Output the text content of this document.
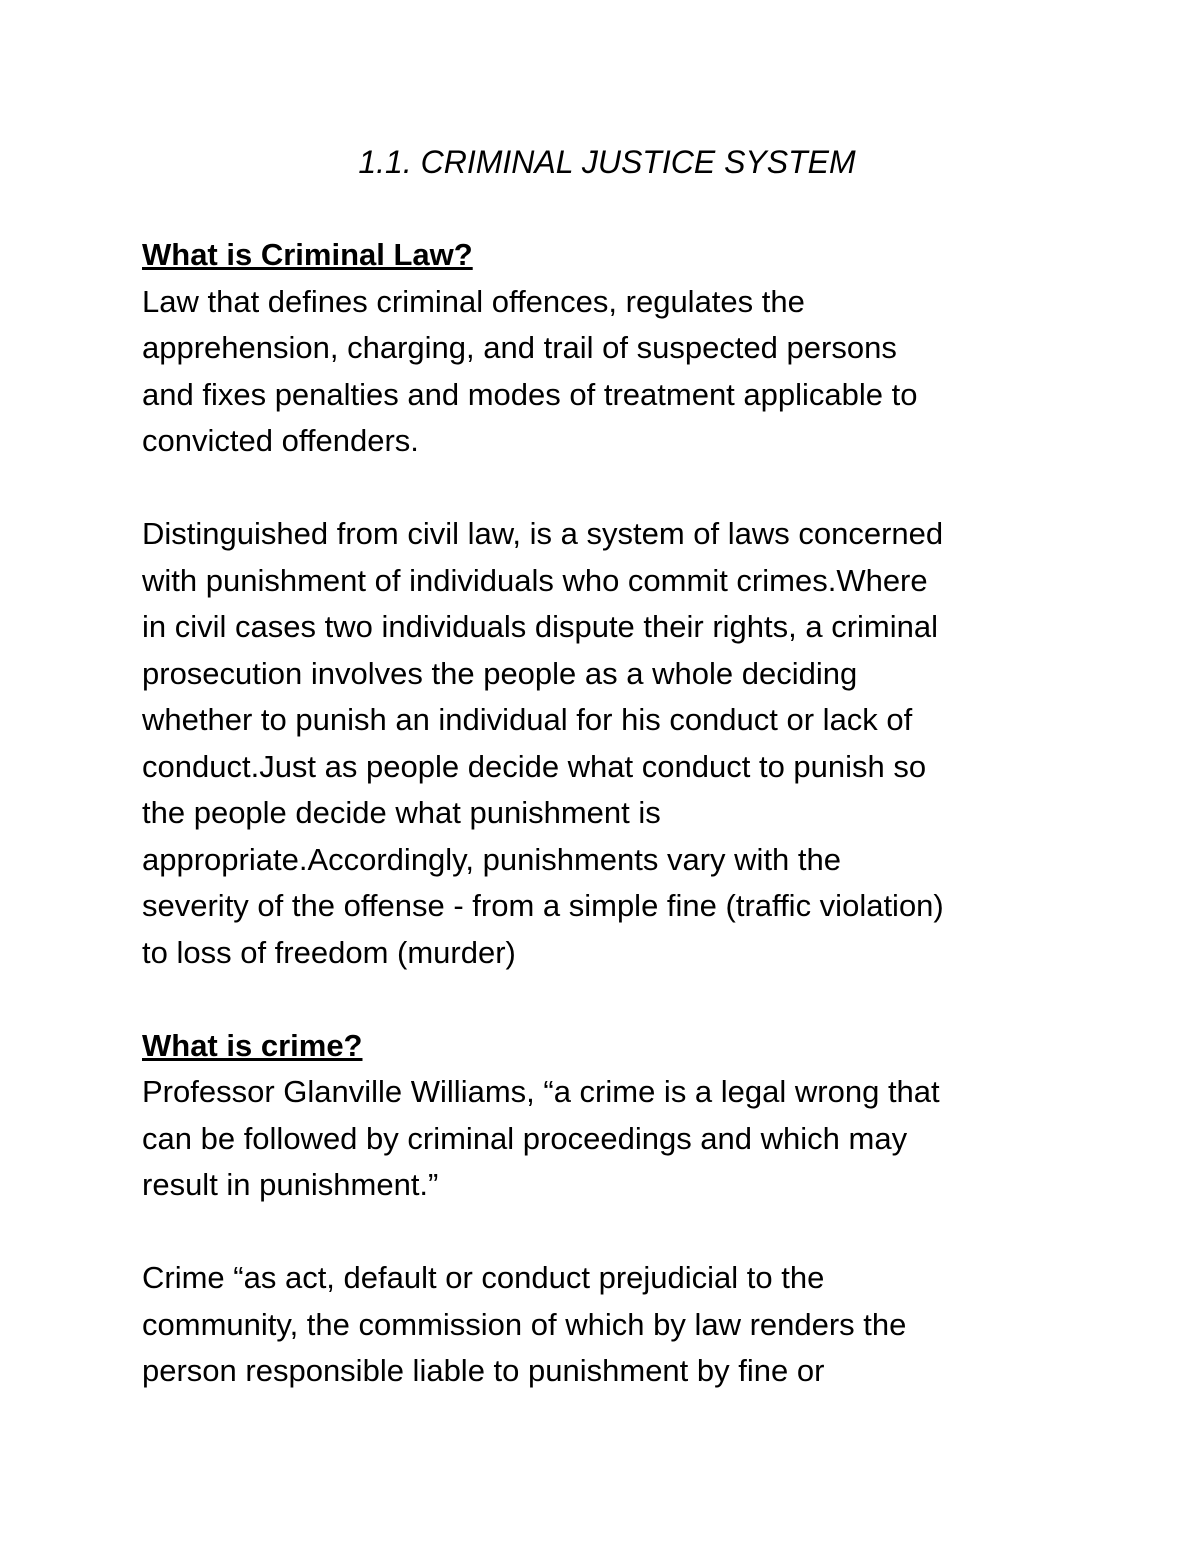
1.1. CRIMINAL JUSTICE SYSTEM
What is Criminal Law?

Law that defines criminal offences, regulates the
apprehension, charging, and trail of suspected persons
and fixes penalties and modes of treatment applicable to
convicted offenders.

Distinguished from civil law, is a system of laws concerned
with punishment of individuals who commit crimes.Where
in civil cases two individuals dispute their rights, a criminal
prosecution involves the people as a whole deciding
whether to punish an individual for his conduct or lack of
conduct.Just as people decide what conduct to punish so
the people decide what punishment is
appropriate.Accordingly, punishments vary with the
severity of the offense - from a simple fine (traffic violation)
to loss of freedom (murder)

What is crime?

Professor Glanville Williams, “a crime is a legal wrong that
can be followed by criminal proceedings and which may
result in punishment.”

Crime “as act, default or conduct prejudicial to the
community, the commission of which by law renders the
person responsible liable to punishment by fine or
